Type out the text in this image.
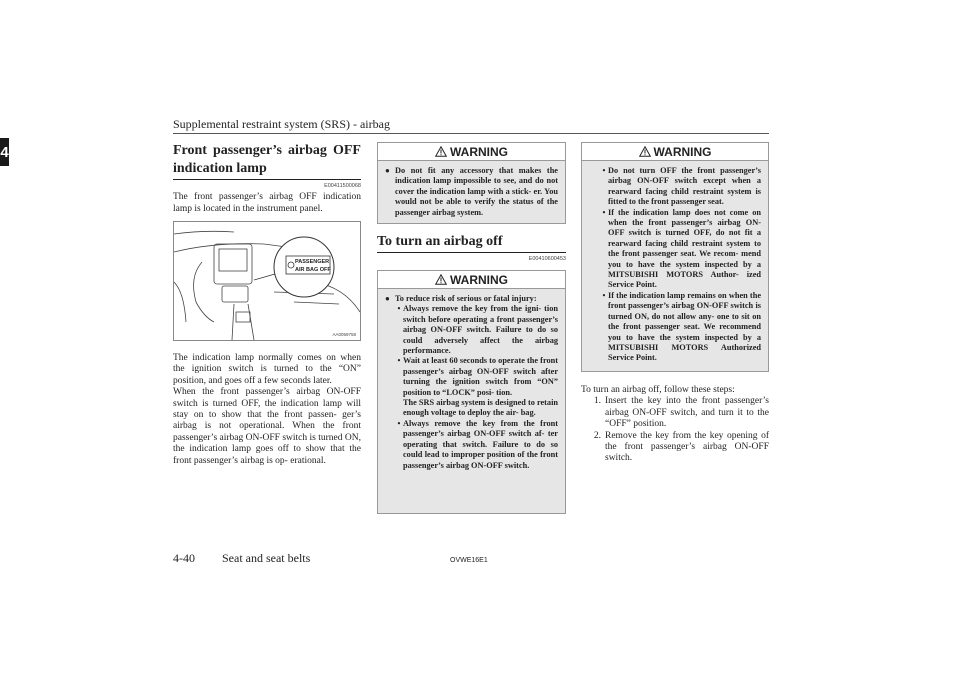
Supplemental restraint system (SRS) - airbag
4	Front passenger’s airbag OFF indication lamp
E00411500068

The front passenger’s airbag OFF indication lamp is located in the instrument panel.

PASSENGER
AIR BAG OFF
AA0059758

The indication lamp normally comes on when the ignition switch is turned to the “ON” position, and goes off a few seconds later.

When the front passenger’s airbag ON-OFF switch is turned OFF, the indication lamp will stay on to show that the front passen- ger’s airbag is not operational. When the front passenger’s airbag ON-OFF switch is turned ON, the indication lamp goes off to show that the front passenger’s airbag is op- erational.

WARNING
● Do not fit any accessory that makes the indication lamp impossible to see, and do not cover the indication lamp with a stick- er. You would not be able to verify the status of the passenger airbag system.
To turn an airbag off
E00410600453
WARNING
● To reduce risk of serious or fatal injury:
• Always remove the key from the igni- tion switch before operating a front passenger’s airbag ON-OFF switch. Failure to do so could adversely affect the airbag performance.
• Wait at least 60 seconds to operate the front passenger’s airbag ON-OFF switch after turning the ignition switch from “ON” position to “LOCK” posi- tion.
The SRS airbag system is designed to retain enough voltage to deploy the air- bag.
• Always remove the key from the front passenger’s airbag ON-OFF switch af- ter operating that switch. Failure to do so could lead to improper position of the front passenger’s airbag ON-OFF switch.
WARNING
• Do not turn OFF the front passenger’s airbag ON-OFF switch except when a rearward facing child restraint system is fitted to the front passenger seat.
• If the indication lamp does not come on when the front passenger’s airbag ON- OFF switch is turned OFF, do not fit a rearward facing child restraint system to the front passenger seat. We recom- mend you to have the system inspected by a MITSUBISHI MOTORS Author- ized Service Point.
• If the indication lamp remains on when the front passenger’s airbag ON-OFF switch is turned ON, do not allow any- one to sit on the front passenger seat. We recommend you to have the system inspected by a MITSUBISHI MOTORS Authorized Service Point.

To turn an airbag off, follow these steps:

1. Insert the key into the front passenger’s airbag ON-OFF switch, and turn it to the “OFF” position.
2. Remove the key from the key opening of the front passenger’s airbag ON-OFF switch.
4-40 Seat and seat belts	OVWE16E1
